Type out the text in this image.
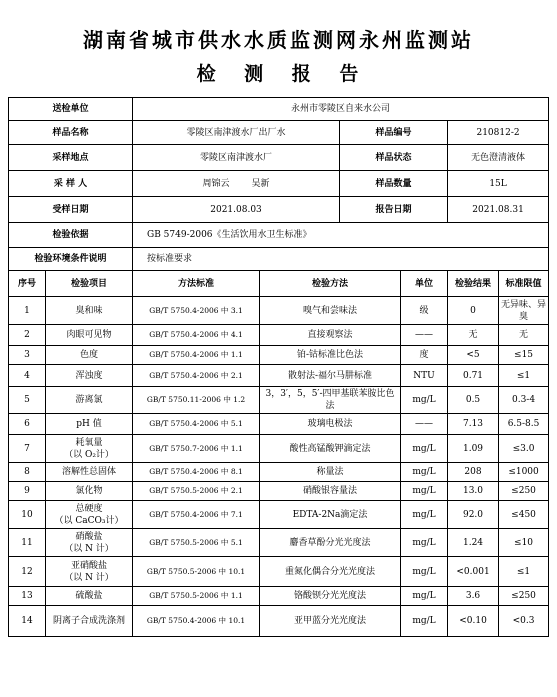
湖南省城市供水水质监测网永州监测站
检 测 报 告
送检单位		永州市零陵区自来水公司					
样品名称		零陵区南津渡水厂出厂水		样品编号		210812-2	
采样地点		零陵区南津渡水厂		样品状态		无色澄清液体	
采 样 人		周锦云 吴新		样品数量		15L	
受样日期		2021.08.03		报告日期		2021.08.31	
检验依据		GB 5749-2006《生活饮用水卫生标准》					
检验环境条件说明		按标准要求					
序号	检验项目	方法标准	检验方法		单位	检验结果	标准限值
1	臭和味	GB/T 5750.4-2006 中 3.1	嗅气和尝味法		级	0	无异味、异臭
2	肉眼可见物	GB/T 5750.4-2006 中 4.1	直接观察法		——	无	无
3	色度	GB/T 5750.4-2006 中 1.1	铂-钴标准比色法		度	<5	≤15
4	浑浊度	GB/T 5750.4-2006 中 2.1	散射法-福尔马肼标准		NTU	0.71	≤1
5	游离氯	GB/T 5750.11-2006 中 1.2	3，3′，5，5′-四甲基联苯胺比色法		mg/L	0.5	0.3-4
6	pH 值	GB/T 5750.4-2006 中 5.1	玻璃电极法		——	7.13	6.5-8.5
7	耗氧量
（以 O₂计）	GB/T 5750.7-2006 中 1.1	酸性高锰酸钾滴定法		mg/L	1.09	≤3.0
8	溶解性总固体	GB/T 5750.4-2006 中 8.1	称量法		mg/L	208	≤1000
9	氯化物	GB/T 5750.5-2006 中 2.1	硝酸银容量法		mg/L	13.0	≤250
10	总硬度
（以 CaCO₃计）	GB/T 5750.4-2006 中 7.1	EDTA-2Na滴定法		mg/L	92.0	≤450
11	硝酸盐
（以 N 计）	GB/T 5750.5-2006 中 5.1	麝香草酚分光光度法		mg/L	1.24	≤10
12	亚硝酸盐
（以 N 计）	GB/T 5750.5-2006 中 10.1	重氮化偶合分光光度法		mg/L	<0.001	≤1
13	硫酸盐	GB/T 5750.5-2006 中 1.1	铬酸钡分光光度法		mg/L	3.6	≤250
14	阴离子合成洗涤剂	GB/T 5750.4-2006 中 10.1	亚甲蓝分光光度法		mg/L	<0.10	<0.3
